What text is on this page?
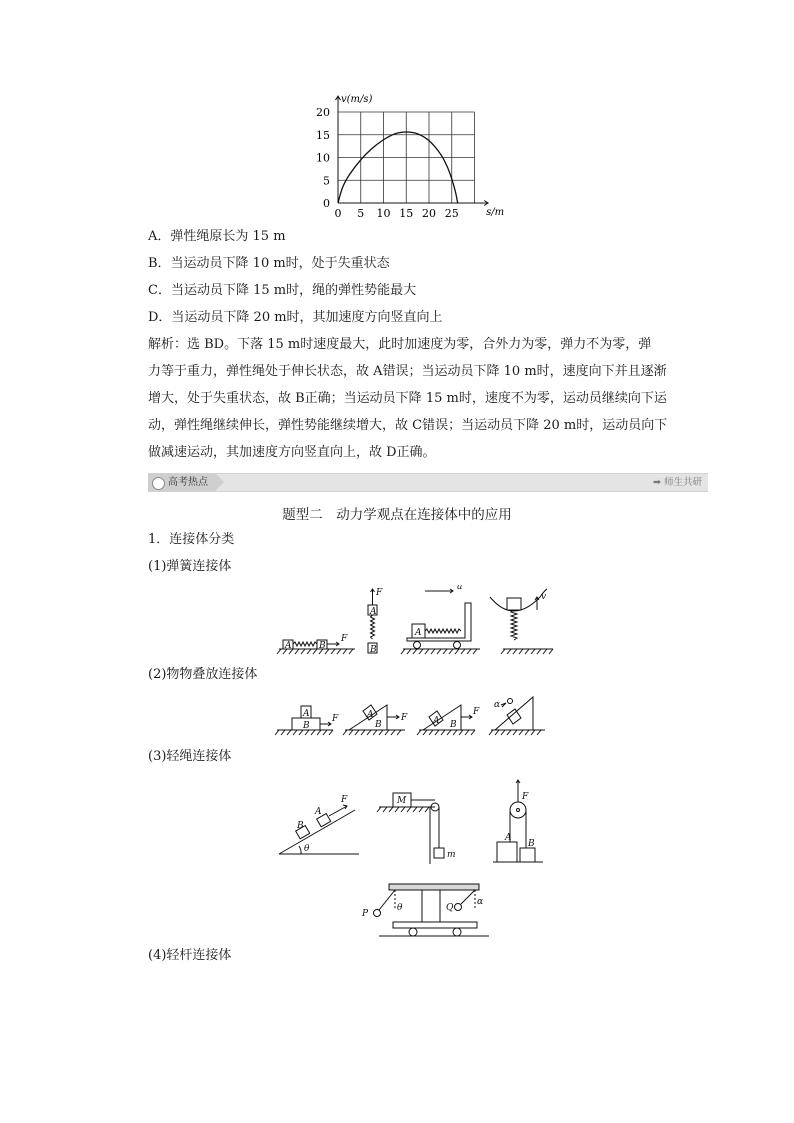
0 5 10 15 20 25
0
5
10
15
20
v(m/s)
s/m
A．弹性绳原长为 15 m
B．当运动员下降 10 m时，处于失重状态
C．当运动员下降 15 m时，绳的弹性势能最大
D．当运动员下降 20 m时，其加速度方向竖直向上
解析：选 BD。下落 15 m时速度最大，此时加速度为零，合外力为零，弹力不为零，弹
力等于重力，弹性绳处于伸长状态，故 A错误；当运动员下降 10 m时，速度向下并且逐渐
增大，处于失重状态，故 B正确；当运动员下降 15 m时，速度不为零，运动员继续向下运
动，弹性绳继续伸长，弹性势能继续增大，故 C错误；当运动员下降 20 m时，运动员向下
做减速运动，其加速度方向竖直向上，故 D正确。
高考热点	➡ 师生共研
题型二　动力学观点在连接体中的应用
1．连接体分类
(1)弹簧连接体
(2)物物叠放连接体
(3)轻绳连接体
(4)轻杆连接体
A	B
F
A
F
B
A
a
v
A
B
F	A
B
F	A B
F
α
B
A
F
θ
M
m
F
A
B
P
θ	Q
α
